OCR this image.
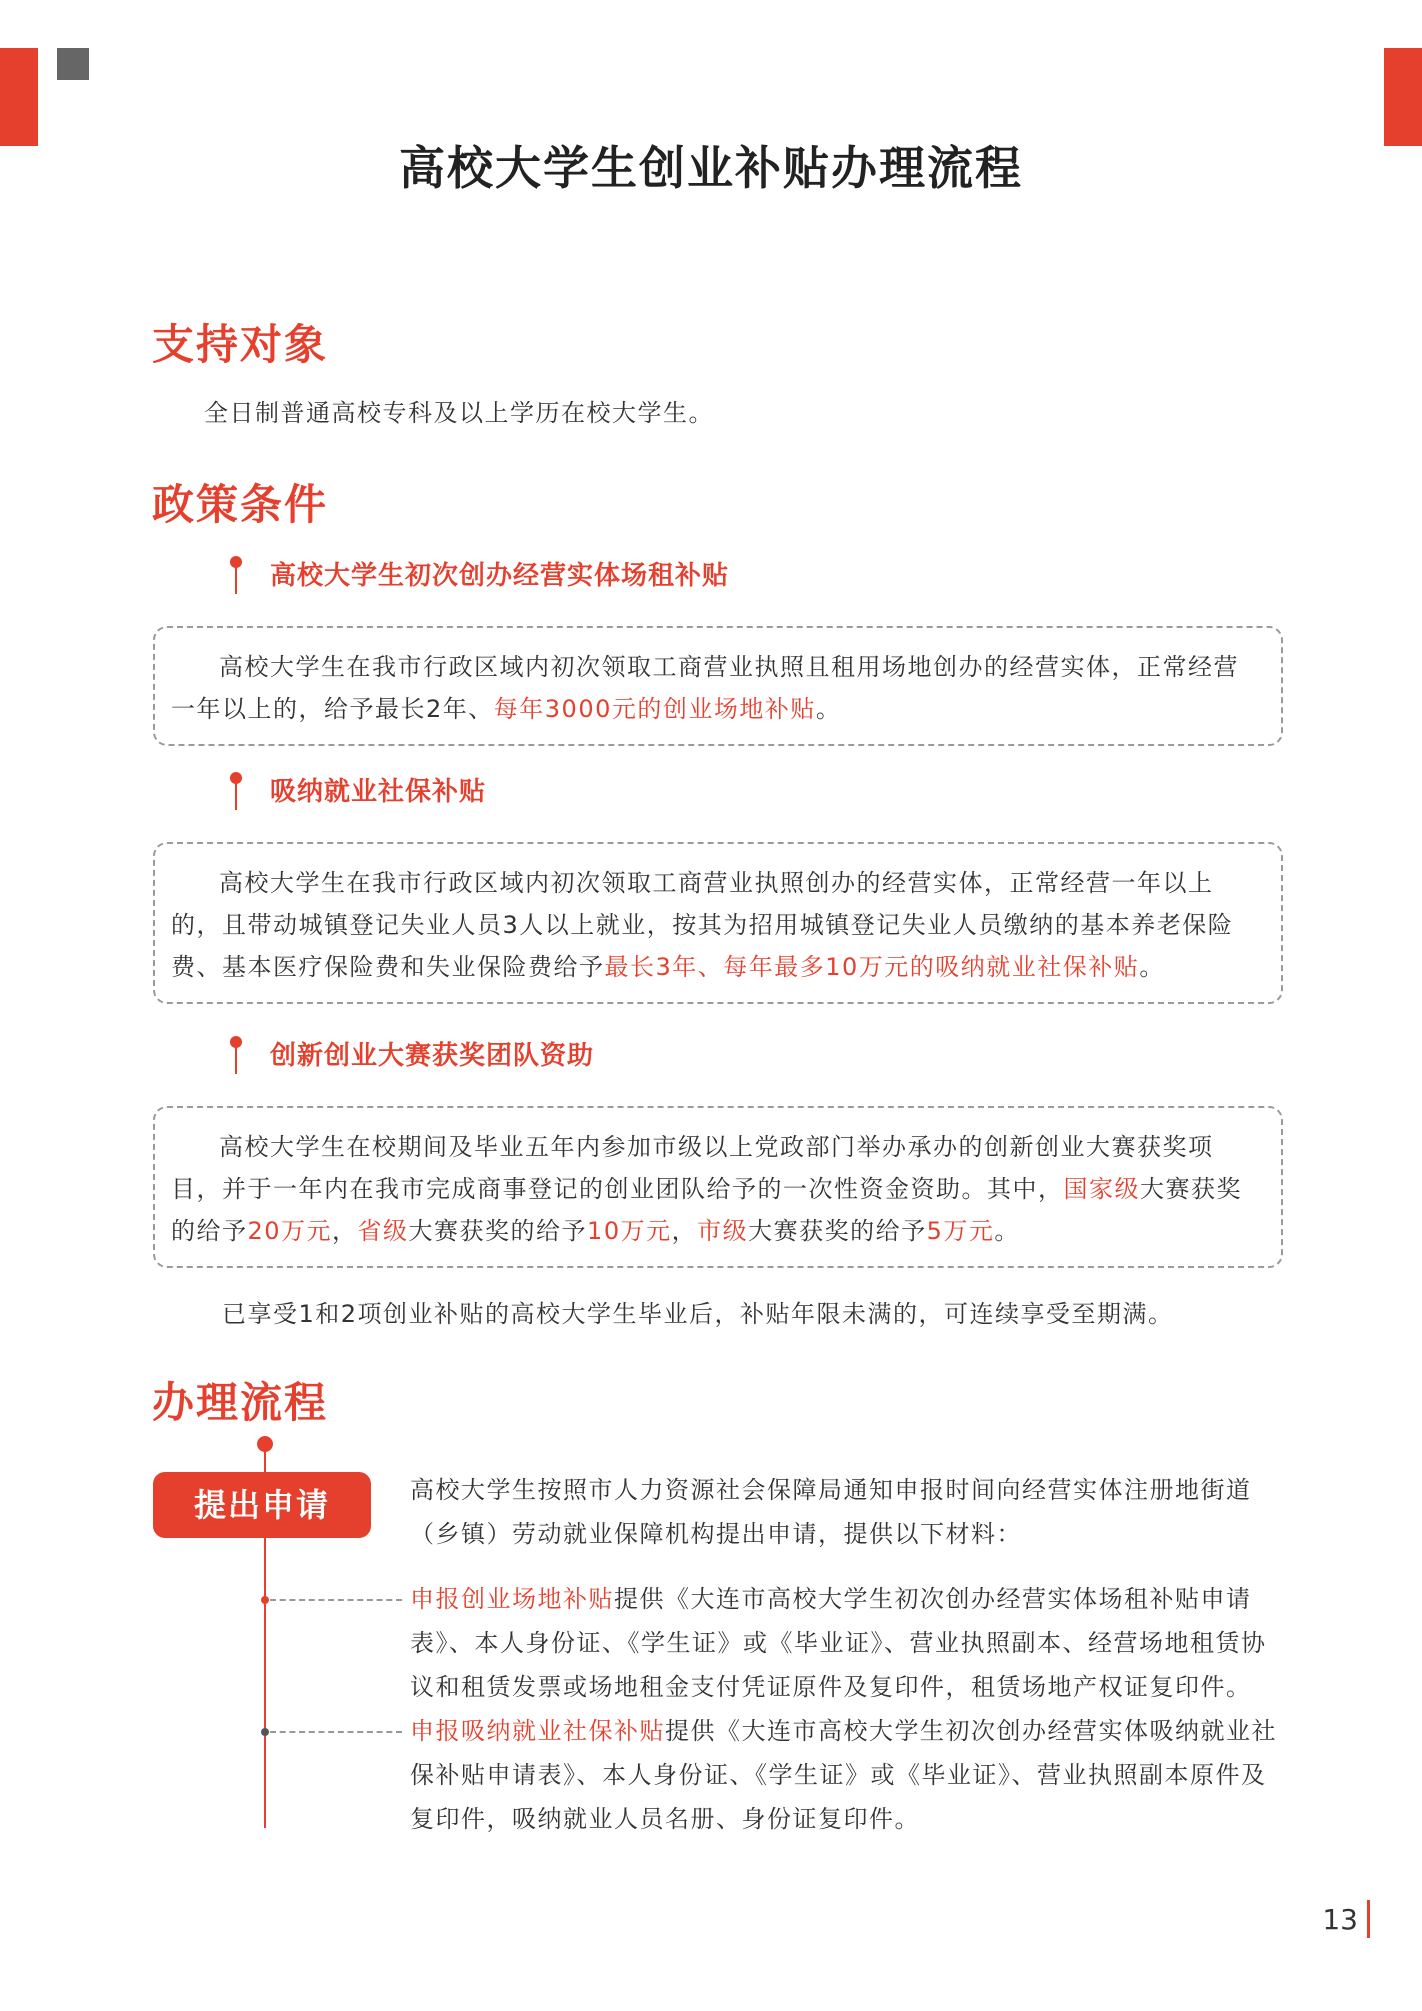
高校大学生创业补贴办理流程
支持对象
全日制普通高校专科及以上学历在校大学生。
政策条件
高校大学生初次创办经营实体场租补贴

高校大学生在我市行政区域内初次领取工商营业执照且租用场地创办的经营实体，正常经营一年以上的，给予最长2年、每年3000元的创业场地补贴。

吸纳就业社保补贴

高校大学生在我市行政区域内初次领取工商营业执照创办的经营实体，正常经营一年以上的，且带动城镇登记失业人员3人以上就业，按其为招用城镇登记失业人员缴纳的基本养老保险费、基本医疗保险费和失业保险费给予最长3年、每年最多10万元的吸纳就业社保补贴。

创新创业大赛获奖团队资助

高校大学生在校期间及毕业五年内参加市级以上党政部门举办承办的创新创业大赛获奖项目，并于一年内在我市完成商事登记的创业团队给予的一次性资金资助。其中，国家级大赛获奖的给予20万元，省级大赛获奖的给予10万元，市级大赛获奖的给予5万元。

已享受1和2项创业补贴的高校大学生毕业后，补贴年限未满的，可连续享受至期满。
办理流程
提出申请	高校大学生按照市人力资源社会保障局通知申报时间向经营实体注册地街道（乡镇）劳动就业保障机构提出申请，提供以下材料：
申报创业场地补贴提供《大连市高校大学生初次创办经营实体场租补贴申请表》、本人身份证、《学生证》或《毕业证》、营业执照副本、经营场地租赁协议和租赁发票或场地租金支付凭证原件及复印件，租赁场地产权证复印件。
申报吸纳就业社保补贴提供《大连市高校大学生初次创办经营实体吸纳就业社保补贴申请表》、本人身份证、《学生证》或《毕业证》、营业执照副本原件及复印件，吸纳就业人员名册、身份证复印件。
13
